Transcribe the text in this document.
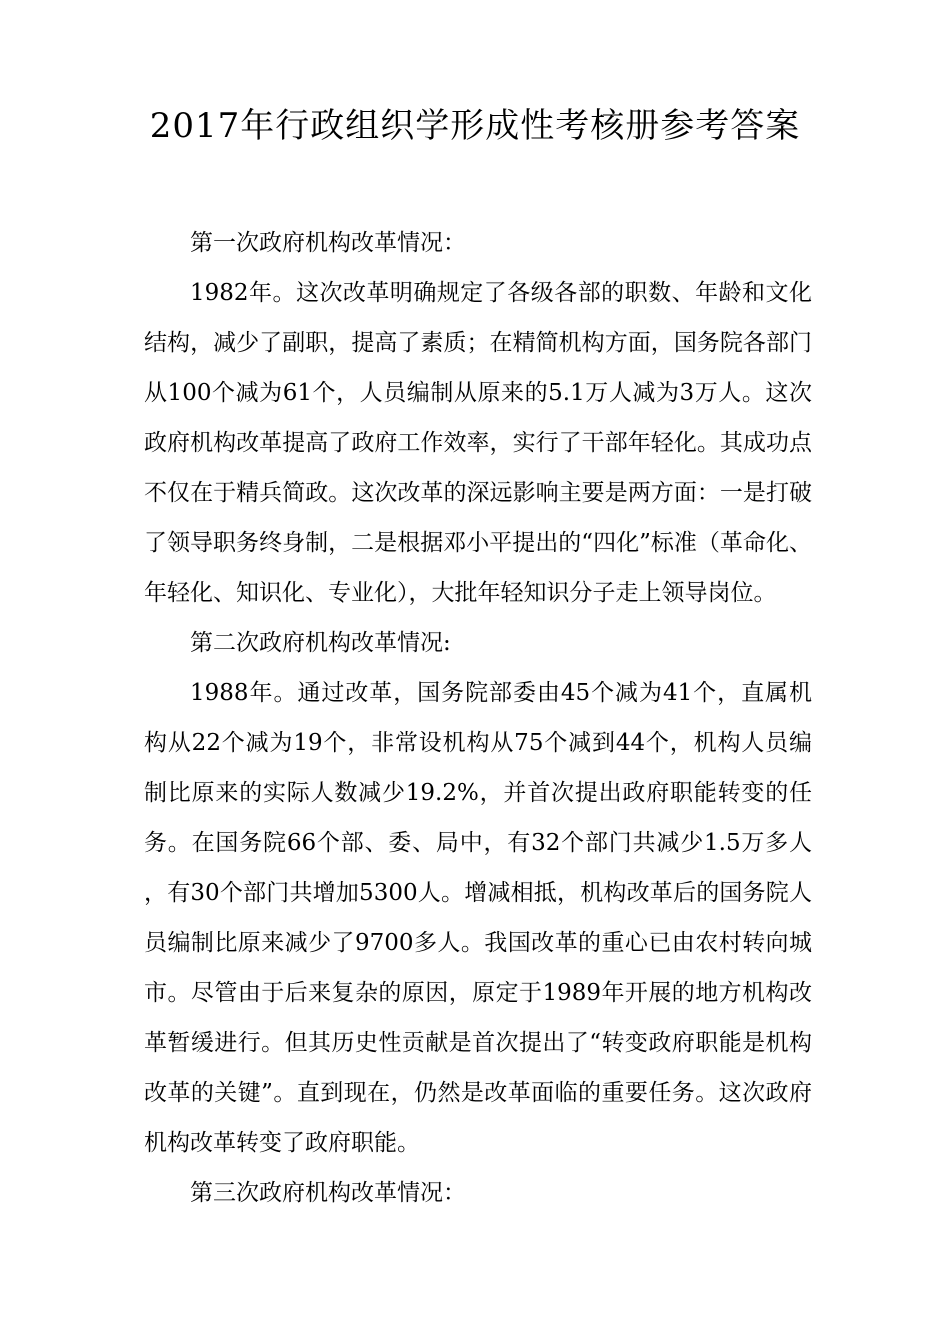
2017年行政组织学形成性考核册参考答案

第一次政府机构改革情况：

1982年。这次改革明确规定了各级各部的职数、年龄和文化结构，减少了副职，提高了素质；在精简机构方面，国务院各部门从100个减为61个，人员编制从原来的5.1万人减为3万人。这次政府机构改革提高了政府工作效率，实行了干部年轻化。其成功点不仅在于精兵简政。这次改革的深远影响主要是两方面：一是打破了领导职务终身制，二是根据邓小平提出的“四化”标准（革命化、年轻化、知识化、专业化），大批年轻知识分子走上领导岗位。

第二次政府机构改革情况:

1988年。通过改革，国务院部委由45个减为41个，直属机构从22个减为19个，非常设机构从75个减到44个，机构人员编制比原来的实际人数减少19.2%，并首次提出政府职能转变的任务。在国务院66个部、委、局中，有32个部门共减少1.5万多人，有30个部门共增加5300人。增减相抵，机构改革后的国务院人员编制比原来减少了9700多人。我国改革的重心已由农村转向城市。尽管由于后来复杂的原因，原定于1989年开展的地方机构改革暂缓进行。但其历史性贡献是首次提出了“转变政府职能是机构改革的关键”。直到现在，仍然是改革面临的重要任务。这次政府机构改革转变了政府职能。

第三次政府机构改革情况：
